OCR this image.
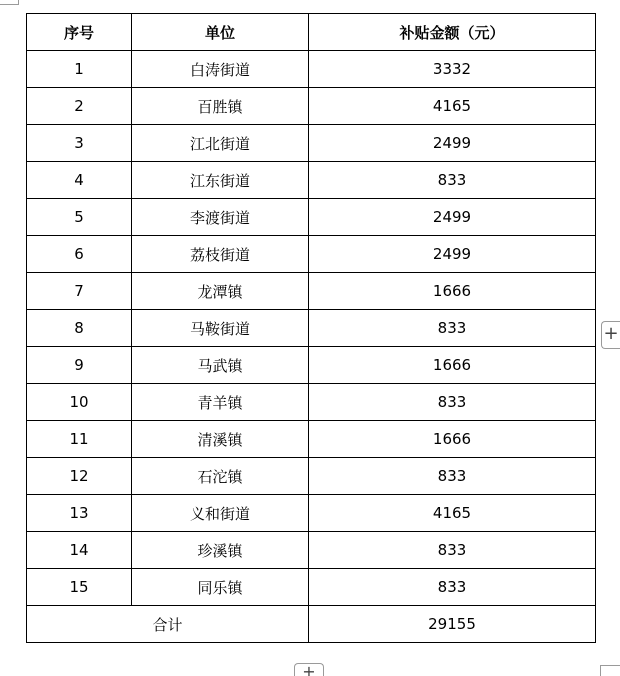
序号	单位	补贴金额（元）
1	白涛街道	3332
2	百胜镇	4165
3	江北街道	2499
4	江东街道	833
5	李渡街道	2499
6	荔枝街道	2499
7	龙潭镇	1666
8	马鞍街道	833
9	马武镇	1666
10	青羊镇	833
11	清溪镇	1666
12	石沱镇	833
13	义和街道	4165
14	珍溪镇	833
15	同乐镇	833
合计		29155
+
+
